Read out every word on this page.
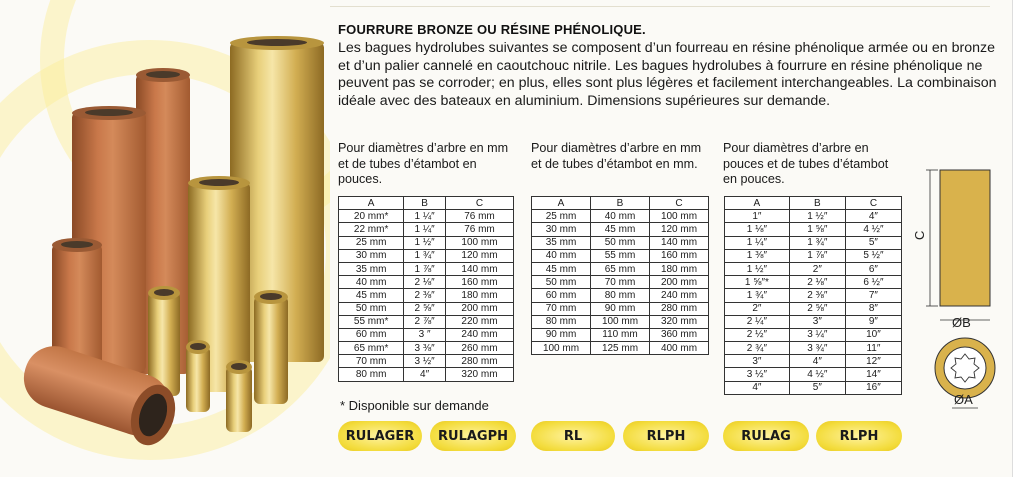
FOURRURE BRONZE OU RÉSINE PHÉNOLIQUE.
Les bagues hydrolubes suivantes se composent d’un fourreau en résine phénolique armée ou en bronze et d’un palier cannelé en caoutchouc nitrile. Les bagues hydrolubes à fourrure en résine phénolique ne peuvent pas se corroder; en plus, elles sont plus légères et facilement interchangeables. La combinaison idéale avec des bateaux en aluminium. Dimensions supérieures sur demande.
Pour diamètres d’arbre en mm et de tubes d’étambot en pouces.
A	B	C
20 mm*	1 ¼″	76 mm
22 mm*	1 ¼″	76 mm
25 mm	1 ½″	100 mm
30 mm	1 ¾″	120 mm
35 mm	1 ⅞″	140 mm
40 mm	2 ⅛″	160 mm
45 mm	2 ⅜″	180 mm
50 mm	2 ⅝″	200 mm
55 mm*	2 ⅞″	220 mm
60 mm	3 ″	240 mm
65 mm*	3 ⅜″	260 mm
70 mm	3 ½″	280 mm
80 mm	4″	320 mm
Pour diamètres d’arbre en mm et de tubes d’étambot en mm.
A	B	C
25 mm	40 mm	100 mm
30 mm	45 mm	120 mm
35 mm	50 mm	140 mm
40 mm	55 mm	160 mm
45 mm	65 mm	180 mm
50 mm	70 mm	200 mm
60 mm	80 mm	240 mm
70 mm	90 mm	280 mm
80 mm	100 mm	320 mm
90 mm	110 mm	360 mm
100 mm	125 mm	400 mm
Pour diamètres d’arbre en pouces et de tubes d’étambot en pouces.
A	B	C
1″	1 ½″	4″
1 ⅛″	1 ⅝″	4 ½″
1 ¼″	1 ¾″	5″
1 ⅜″	1 ⅞″	5 ½″
1 ½″	2″	6″
1 ⅝″*	2 ⅛″	6 ½″
1 ¾″	2 ⅜″	7″
2″	2 ⅝″	8″
2 ¼″	3″	9″
2 ½″	3 ¼″	10″
2 ¾″	3 ¾″	11″
3″	4″	12″
3 ½″	4 ½″	14″
4″	5″	16″
* Disponible sur demande
RULAGER	RULAGPH	RL	RLPH	RULAG	RLPH
C
ØB
ØA
